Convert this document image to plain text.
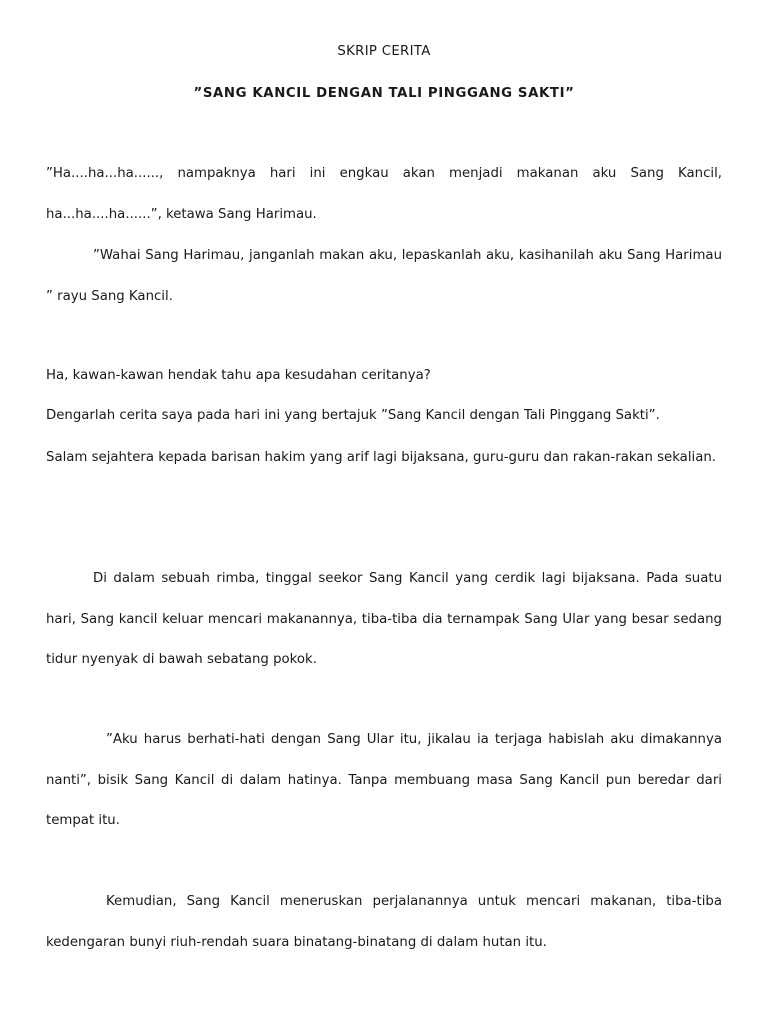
SKRIP CERITA

”SANG KANCIL DENGAN TALI PINGGANG SAKTI”

”Ha....ha...ha......, nampaknya hari ini engkau akan menjadi makanan aku Sang Kancil, ha...ha....ha......”, ketawa Sang Harimau.

”Wahai Sang Harimau, janganlah makan aku, lepaskanlah aku, kasihanilah aku Sang Harimau ” rayu Sang Kancil.

Ha, kawan-kawan hendak tahu apa kesudahan ceritanya?

Dengarlah cerita saya pada hari ini yang bertajuk ”Sang Kancil dengan Tali Pinggang Sakti”.

Salam sejahtera kepada barisan hakim yang arif lagi bijaksana, guru-guru dan rakan-rakan sekalian.

Di dalam sebuah rimba, tinggal seekor Sang Kancil yang cerdik lagi bijaksana. Pada suatu hari, Sang kancil keluar mencari makanannya, tiba-tiba dia ternampak Sang Ular yang besar sedang tidur nyenyak di bawah sebatang pokok.

”Aku harus berhati-hati dengan Sang Ular itu, jikalau ia terjaga habislah aku dimakannya nanti”, bisik Sang Kancil di dalam hatinya. Tanpa membuang masa Sang Kancil pun beredar dari tempat itu.

Kemudian, Sang Kancil meneruskan perjalanannya untuk mencari makanan, tiba-tiba kedengaran bunyi riuh-rendah suara binatang-binatang di dalam hutan itu.
